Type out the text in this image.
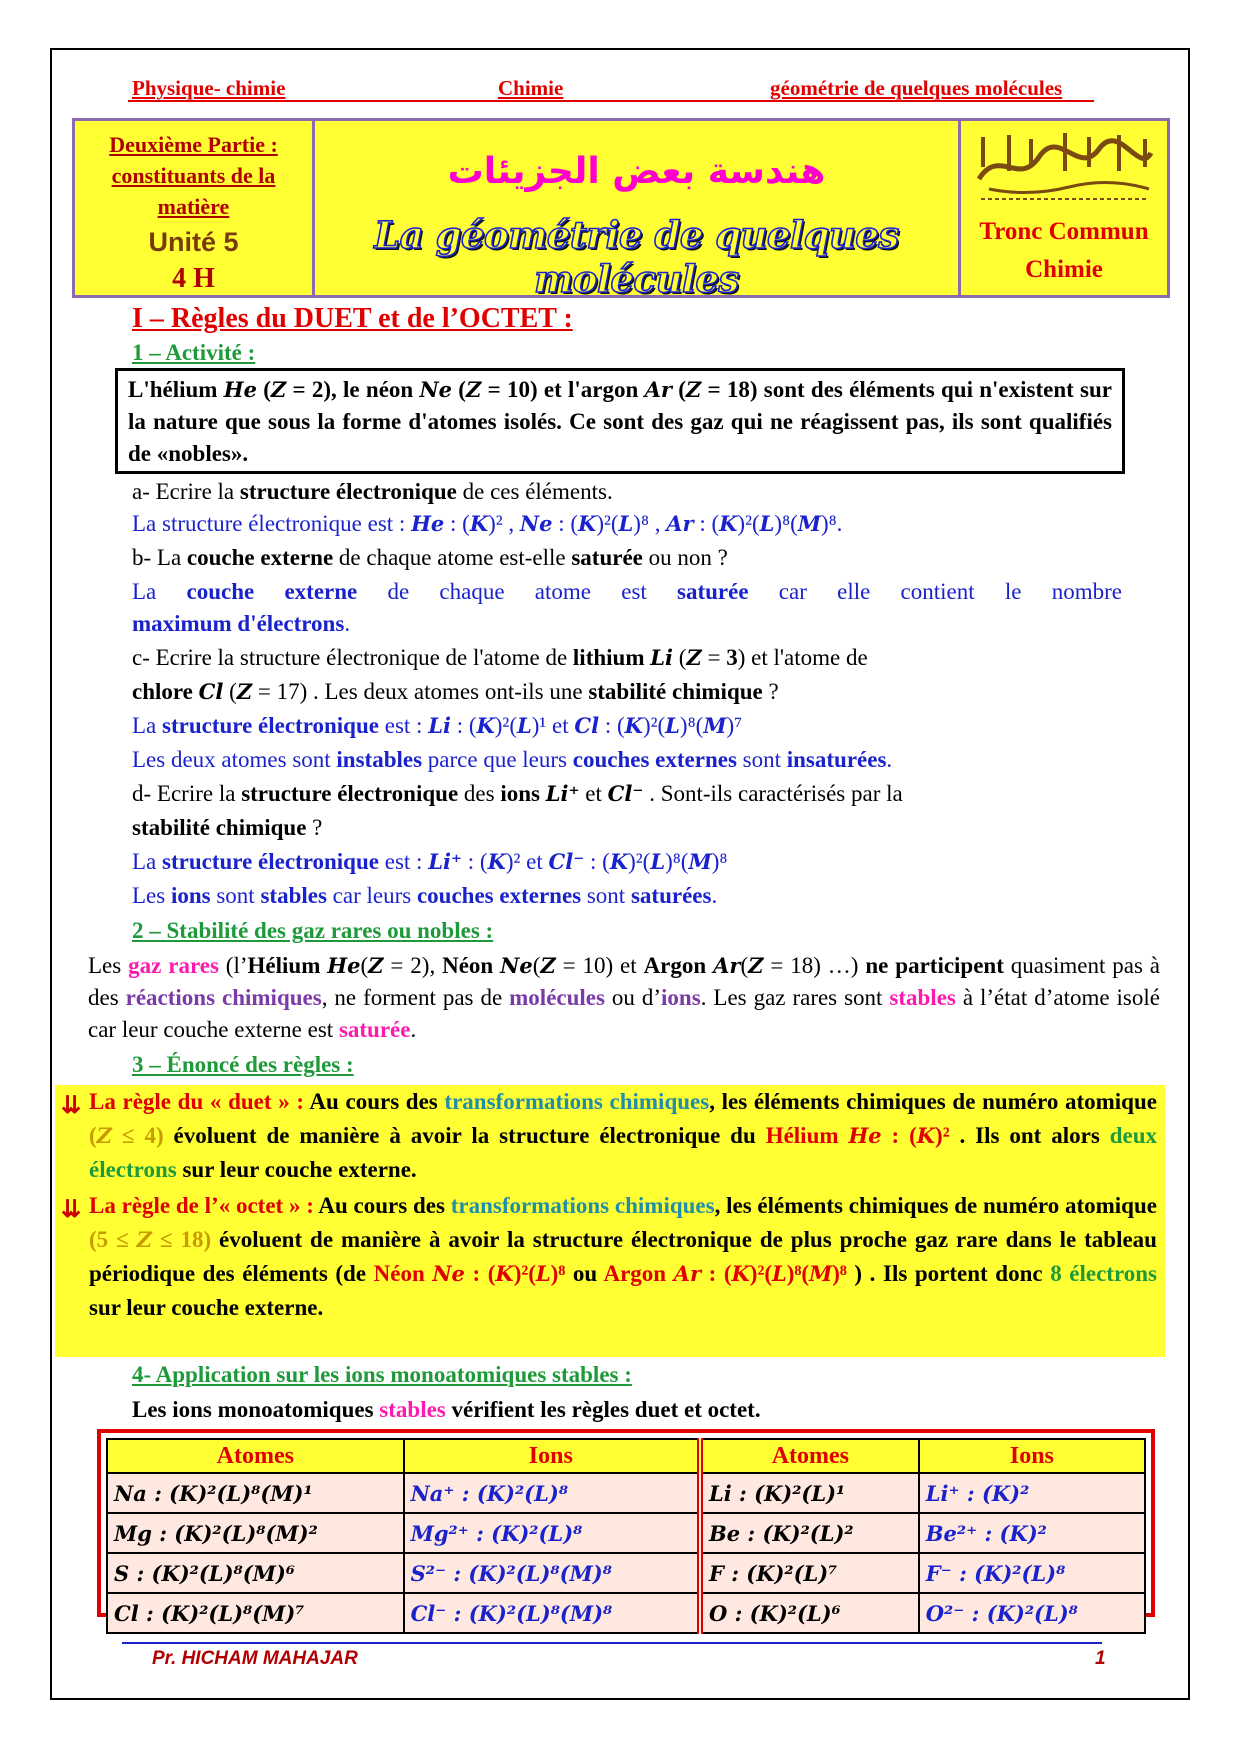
Physique- chimie	Chimie	géométrie de quelques molécules
Deuxième Partie :
constituants de la
matière
Unité 5
4 H
هندسة بعض الجزيئات
La géométrie de quelques molécules
Tronc Commun
Chimie
I – Règles du DUET et de l’OCTET :
1 – Activité :
L'hélium He (Z = 2), le néon Ne (Z = 10) et l'argon Ar (Z = 18) sont des éléments qui n'existent sur la nature que sous la forme d'atomes isolés. Ce sont des gaz qui ne réagissent pas, ils sont qualifiés de «nobles».
a- Ecrire la structure électronique de ces éléments.
La structure électronique est : He : (K)² , Ne : (K)²(L)⁸ , Ar : (K)²(L)⁸(M)⁸.
b- La couche externe de chaque atome est-elle saturée ou non ?
La couche externe de chaque atome est saturée car elle contient le nombre
maximum d'électrons.
c- Ecrire la structure électronique de l'atome de lithium Li (Z = 3) et l'atome de
chlore Cl (Z = 17) . Les deux atomes ont-ils une stabilité chimique ?
La structure électronique est : Li : (K)²(L)¹ et Cl : (K)²(L)⁸(M)⁷
Les deux atomes sont instables parce que leurs couches externes sont insaturées.
d- Ecrire la structure électronique des ions Li⁺ et Cl⁻ . Sont-ils caractérisés par la
stabilité chimique ?
La structure électronique est : Li⁺ : (K)² et Cl⁻ : (K)²(L)⁸(M)⁸
Les ions sont stables car leurs couches externes sont saturées.
2 – Stabilité des gaz rares ou nobles :
Les gaz rares (l’Hélium He(Z = 2), Néon Ne(Z = 10) et Argon Ar(Z = 18) …) ne participent quasiment pas à des réactions chimiques, ne forment pas de molécules ou d’ions. Les gaz rares sont stables à l’état d’atome isolé car leur couche externe est saturée.
3 – Énoncé des règles :
⇊ La règle du « duet » : Au cours des transformations chimiques, les éléments chimiques de numéro atomique (Z ≤ 4) évoluent de manière à avoir la structure électronique du Hélium He : (K)² . Ils ont alors deux électrons sur leur couche externe.
⇊ La règle de l’« octet » : Au cours des transformations chimiques, les éléments chimiques de numéro atomique (5 ≤ Z ≤ 18) évoluent de manière à avoir la structure électronique de plus proche gaz rare dans le tableau périodique des éléments (de Néon Ne : (K)²(L)⁸ ou Argon Ar : (K)²(L)⁸(M)⁸ ) . Ils portent donc 8 électrons sur leur couche externe.
4- Application sur les ions monoatomiques stables :
Les ions monoatomiques stables vérifient les règles duet et octet.
Atomes	Ions	Atomes	Ions
Na : (K)²(L)⁸(M)¹	Na⁺ : (K)²(L)⁸	Li : (K)²(L)¹	Li⁺ : (K)²
Mg : (K)²(L)⁸(M)²	Mg²⁺ : (K)²(L)⁸	Be : (K)²(L)²	Be²⁺ : (K)²
S : (K)²(L)⁸(M)⁶	S²⁻ : (K)²(L)⁸(M)⁸	F : (K)²(L)⁷	F⁻ : (K)²(L)⁸
Cl : (K)²(L)⁸(M)⁷	Cl⁻ : (K)²(L)⁸(M)⁸	O : (K)²(L)⁶	O²⁻ : (K)²(L)⁸
Pr. HICHAM MAHAJAR	1
